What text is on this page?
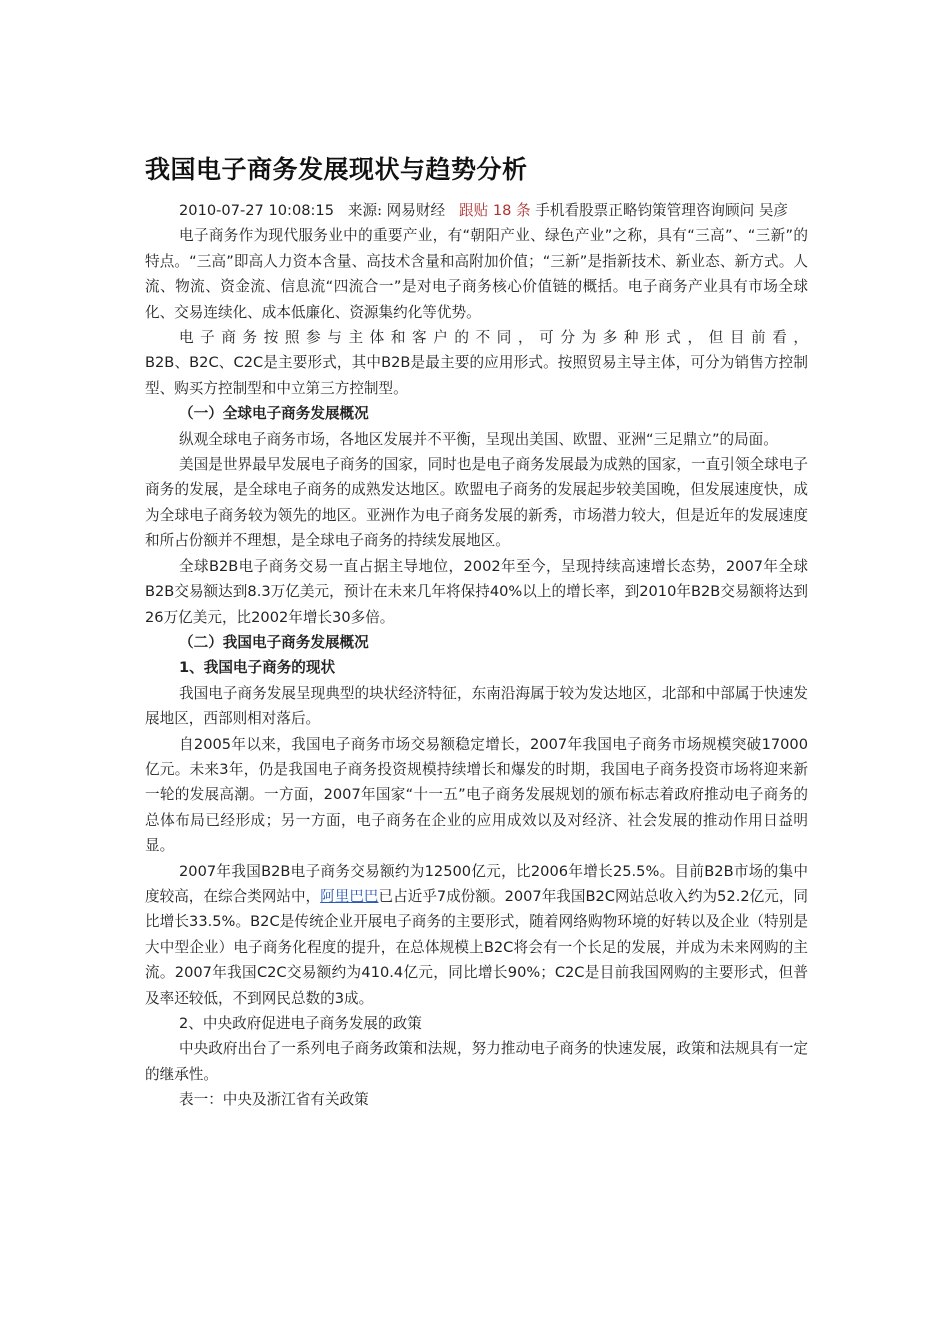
我国电子商务发展现状与趋势分析
2010-07-27 10:08:15 来源: 网易财经 跟贴 18 条 手机看股票正略钧策管理咨询顾问 吴彦

电子商务作为现代服务业中的重要产业，有“朝阳产业、绿色产业”之称，具有“三高”、“三新”的特点。“三高”即高人力资本含量、高技术含量和高附加价值；“三新”是指新技术、新业态、新方式。人流、物流、资金流、信息流“四流合一”是对电子商务核心价值链的概括。电子商务产业具有市场全球化、交易连续化、成本低廉化、资源集约化等优势。

电子商务按照参与主体和客户的不同，可分为多种形式，但目前看，

B2B、B2C、C2C是主要形式，其中B2B是最主要的应用形式。按照贸易主导主体，可分为销售方控制型、购买方控制型和中立第三方控制型。

（一）全球电子商务发展概况

纵观全球电子商务市场，各地区发展并不平衡，呈现出美国、欧盟、亚洲“三足鼎立”的局面。

美国是世界最早发展电子商务的国家，同时也是电子商务发展最为成熟的国家，一直引领全球电子商务的发展，是全球电子商务的成熟发达地区。欧盟电子商务的发展起步较美国晚，但发展速度快，成为全球电子商务较为领先的地区。亚洲作为电子商务发展的新秀，市场潜力较大，但是近年的发展速度和所占份额并不理想，是全球电子商务的持续发展地区。

全球B2B电子商务交易一直占据主导地位，2002年至今，呈现持续高速增长态势，2007年全球B2B交易额达到8.3万亿美元，预计在未来几年将保持40%以上的增长率，到2010年B2B交易额将达到26万亿美元，比2002年增长30多倍。

（二）我国电子商务发展概况

1、我国电子商务的现状

我国电子商务发展呈现典型的块状经济特征，东南沿海属于较为发达地区，北部和中部属于快速发展地区，西部则相对落后。

自2005年以来，我国电子商务市场交易额稳定增长，2007年我国电子商务市场规模突破17000亿元。未来3年，仍是我国电子商务投资规模持续增长和爆发的时期，我国电子商务投资市场将迎来新一轮的发展高潮。一方面，2007年国家“十一五”电子商务发展规划的颁布标志着政府推动电子商务的总体布局已经形成；另一方面，电子商务在企业的应用成效以及对经济、社会发展的推动作用日益明显。

2007年我国B2B电子商务交易额约为12500亿元，比2006年增长25.5%。目前B2B市场的集中度较高，在综合类网站中，阿里巴巴已占近乎7成份额。2007年我国B2C网站总收入约为52.2亿元，同比增长33.5%。B2C是传统企业开展电子商务的主要形式，随着网络购物环境的好转以及企业（特别是大中型企业）电子商务化程度的提升，在总体规模上B2C将会有一个长足的发展，并成为未来网购的主流。2007年我国C2C交易额约为410.4亿元，同比增长90%；C2C是目前我国网购的主要形式，但普及率还较低，不到网民总数的3成。

2、中央政府促进电子商务发展的政策

中央政府出台了一系列电子商务政策和法规，努力推动电子商务的快速发展，政策和法规具有一定的继承性。

表一：中央及浙江省有关政策
